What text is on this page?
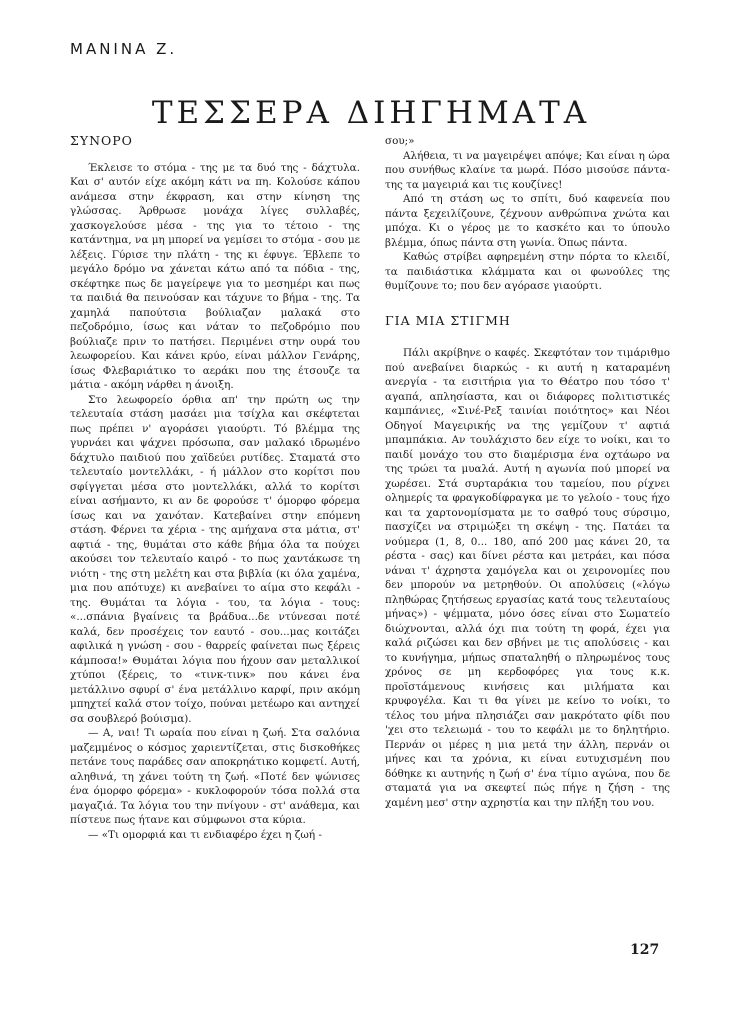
ΜΑΝΙΝΑ Ζ.
ΤΕΣΣΕΡΑ ΔΙΗΓΗΜΑΤΑ
ΣΥΝΟΡΟ

Έκλεισε το στόμα - της με τα δυό της - δάχτυλα. Και σ' αυτόν είχε ακόμη κάτι να πη. Κολούσε κάπου ανάμεσα στην έκφραση, και στην κίνηση της γλώσσας. Άρθρωσε μονάχα λίγες συλλαβές, χασκογελούσε μέσα - της για το τέτοιο - της κατάντημα, να μη μπορεί να γεμίσει το στόμα - σου με λέξεις. Γύρισε την πλάτη - της κι έφυγε. Έβλεπε το μεγάλο δρόμο να χάνεται κάτω από τα πόδια - της, σκέφτηκε πως δε μαγείρεψε για το μεσημέρι και πως τα παιδιά θα πεινούσαν και τάχυνε το βήμα - της. Τα χαμηλά παπούτσια βούλιαζαν μαλακά στο πεζοδρόμιο, ίσως και νάταν το πεζοδρόμιο που βούλιαζε πριν το πατήσει. Περιμένει στην ουρά του λεωφορείου. Και κάνει κρύο, είναι μάλλον Γενάρης, ίσως Φλεβαριάτικο το αεράκι που της έτσουζε τα μάτια - ακόμη νάρθει η άνοιξη.

Στο λεωφορείο όρθια απ' την πρώτη ως την τελευταία στάση μασάει μια τσίχλα και σκέφτεται πως πρέπει ν' αγοράσει γιαούρτι. Τό βλέμμα της γυρνάει και ψάχνει πρόσωπα, σαν μαλακό ιδρωμένο δάχτυλο παιδιού που χαϊδεύει ρυτίδες. Σταματά στο τελευταίο μοντελλάκι, - ή μάλλον στο κορίτσι που σφίγγεται μέσα στο μοντελλάκι, αλλά το κορίτσι είναι ασήμαντο, κι αν δε φορούσε τ' όμορφο φόρεμα ίσως και να χανόταν. Κατεβαίνει στην επόμενη στάση. Φέρνει τα χέρια - της αμήχανα στα μάτια, στ' αφτιά - της, θυμάται στο κάθε βήμα όλα τα πούχει ακούσει τον τελευταίο καιρό - το πως χαντάκωσε τη νιότη - της στη μελέτη και στα βιβλία (κι όλα χαμένα, μια που απότυχε) κι ανεβαίνει το αίμα στο κεφάλι - της. Θυμάται τα λόγια - του, τα λόγια - τους: «...σπάνια βγαίνεις τα βράδυα...δε ντύνεσαι ποτέ καλά, δεν προσέχεις τον εαυτό - σου...μας κοιτάζει αφιλικά η γνώση - σου - θαρρείς φαίνεται πως ξέρεις κάμποσα!» Θυμάται λόγια που ήχουν σαν μεταλλικοί χτύποι (ξέρεις, το «τινκ-τινκ» που κάνει ένα μετάλλινο σφυρί σ' ένα μετάλλινο καρφί, πριν ακόμη μπηχτεί καλά στον τοίχο, πούναι μετέωρο και αντηχεί σα σουβλερό βούισμα).

— Α, ναι! Τι ωραία που είναι η ζωή. Στα σαλόνια μαζεμμένος ο κόσμος χαριεντίζεται, στις δισκοθήκες πετάνε τους παράδες σαν αποκρηάτικο κομφετί. Αυτή, αληθινά, τη χάνει τούτη τη ζωή. «Ποτέ δεν ψώνισες ένα όμορφο φόρεμα» - κυκλοφορούν τόσα πολλά στα μαγαζιά. Τα λόγια του την πνίγουν - στ' ανάθεμα, και πίστευε πως ήτανε και σύμφωνοι στα κύρια.

— «Τι ομορφιά και τι ενδιαφέρο έχει η ζωή -

σου;»

Αλήθεια, τι να μαγειρέψει απόψε; Και είναι η ώρα που συνήθως κλαίνε τα μωρά. Πόσο μισούσε πάντα-της τα μαγειριά και τις κουζίνες!

Από τη στάση ως το σπίτι, δυό καφενεία που πάντα ξεχειλίζουνε, ζέχνουν ανθρώπινα χνώτα και μπόχα. Κι ο γέρος με το κασκέτο και το ύπουλο βλέμμα, όπως πάντα στη γωνία. Όπως πάντα.

Καθώς στρίβει αφηρεμένη στην πόρτα το κλειδί, τα παιδιάστικα κλάμματα και οι φωνούλες της θυμίζουνε το; που δεν αγόρασε γιαούρτι.

ΓΙΑ ΜΙΑ ΣΤΙΓΜΗ

Πάλι ακρίβηνε ο καφές. Σκεφτόταν τον τιμάριθμο πού ανεβαίνει διαρκώς - κι αυτή η καταραμένη ανεργία - τα εισιτήρια για το Θέατρο που τόσο τ' αγαπά, απλησίαστα, και οι διάφορες πολιτιστικές καμπάνιες, «Σινέ-Ρεξ ταινίαι ποιότητος» και Νέοι Οδηγοί Μαγειρικής να της γεμίζουν τ' αφτιά μπαμπάκια. Αν τουλάχιστο δεν είχε το νοίκι, και το παιδί μονάχο του στο διαμέρισμα ένα οχτάωρο να της τρώει τα μυαλά. Αυτή η αγωνία πού μπορεί να χωρέσει. Στά συρταράκια του ταμείου, που ρίχνει ολημερίς τα φραγκοδίφραγκα με το γελοίο - τους ήχο και τα χαρτονομίσματα με το σαθρό τους σύρσιμο, πασχίζει να στριμώξει τη σκέψη - της. Πατάει τα νούμερα (1, 8, 0... 180, από 200 μας κάνει 20, τα ρέστα - σας) και δίνει ρέστα και μετράει, και πόσα νάναι τ' άχρηστα χαμόγελα και οι χειρονομίες που δεν μπορούν να μετρηθούν. Οι απολύσεις («λόγω πληθώρας ζητήσεως εργασίας κατά τους τελευταίους μήνας») - ψέμματα, μόνο όσες είναι στο Σωματείο διώχνονται, αλλά όχι πια τούτη τη φορά, έχει για καλά ριζώσει και δεν σβήνει με τις απολύσεις - και το κυνήγημα, μήπως σπαταληθή ο πληρωμένος τους χρόνος σε μη κερδοφόρες για τους κ.κ. προϊστάμενους κινήσεις και μιλήματα και κρυφογέλα. Και τι θα γίνει με κείνο το νοίκι, το τέλος του μήνα πλησιάζει σαν μακρότατο φίδι που 'χει στο τελειωμά - του το κεφάλι με το δηλητήριο. Περνάν οι μέρες η μια μετά την άλλη, περνάν οι μήνες και τα χρόνια, κι είναι ευτυχισμένη που δόθηκε κι αυτηνής η ζωή σ' ένα τίμιο αγώνα, που δε σταματά για να σκεφτεί πώς πήγε η ζήση - της χαμένη μεσ' στην αχρηστία και την πλήξη του νου.

127
